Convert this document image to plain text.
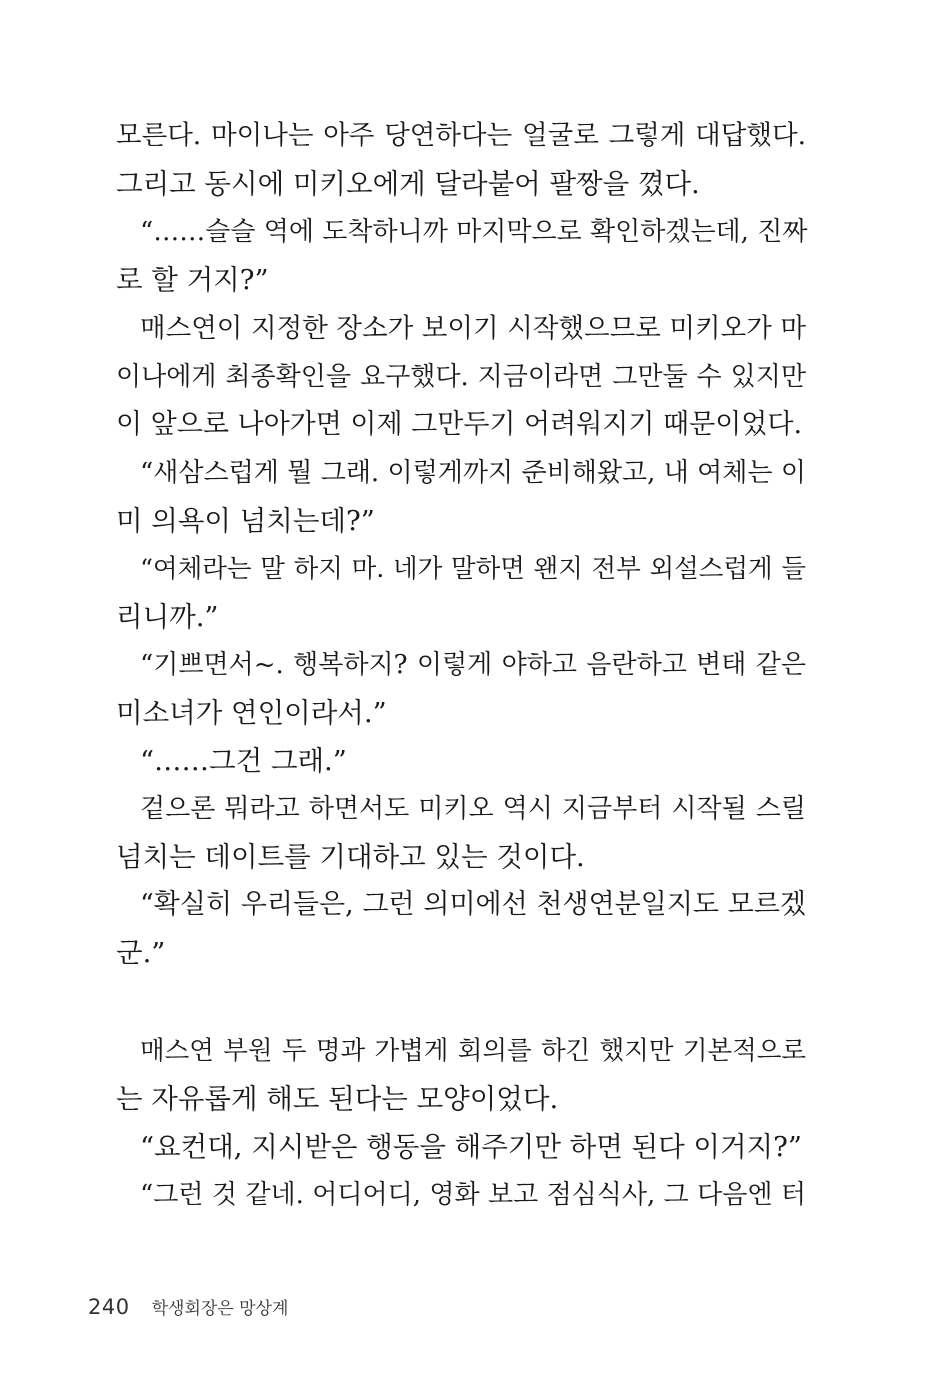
모른다. 마이나는 아주 당연하다는 얼굴로 그렇게 대답했다.
그리고 동시에 미키오에게 달라붙어 팔짱을 꼈다.
“……슬슬 역에 도착하니까 마지막으로 확인하겠는데, 진짜
로 할 거지?”
매스연이 지정한 장소가 보이기 시작했으므로 미키오가 마
이나에게 최종확인을 요구했다. 지금이라면 그만둘 수 있지만
이 앞으로 나아가면 이제 그만두기 어려워지기 때문이었다.
“새삼스럽게 뭘 그래. 이렇게까지 준비해왔고, 내 여체는 이
미 의욕이 넘치는데?”
“여체라는 말 하지 마. 네가 말하면 왠지 전부 외설스럽게 들
리니까.”
“기쁘면서~. 행복하지? 이렇게 야하고 음란하고 변태 같은
미소녀가 연인이라서.”
“……그건 그래.”
겉으론 뭐라고 하면서도 미키오 역시 지금부터 시작될 스릴
넘치는 데이트를 기대하고 있는 것이다.
“확실히 우리들은, 그런 의미에선 천생연분일지도 모르겠
군.”
매스연 부원 두 명과 가볍게 회의를 하긴 했지만 기본적으로
는 자유롭게 해도 된다는 모양이었다.
“요컨대, 지시받은 행동을 해주기만 하면 된다 이거지?”
“그런 것 같네. 어디어디, 영화 보고 점심식사, 그 다음엔 터
240 학생회장은 망상계
